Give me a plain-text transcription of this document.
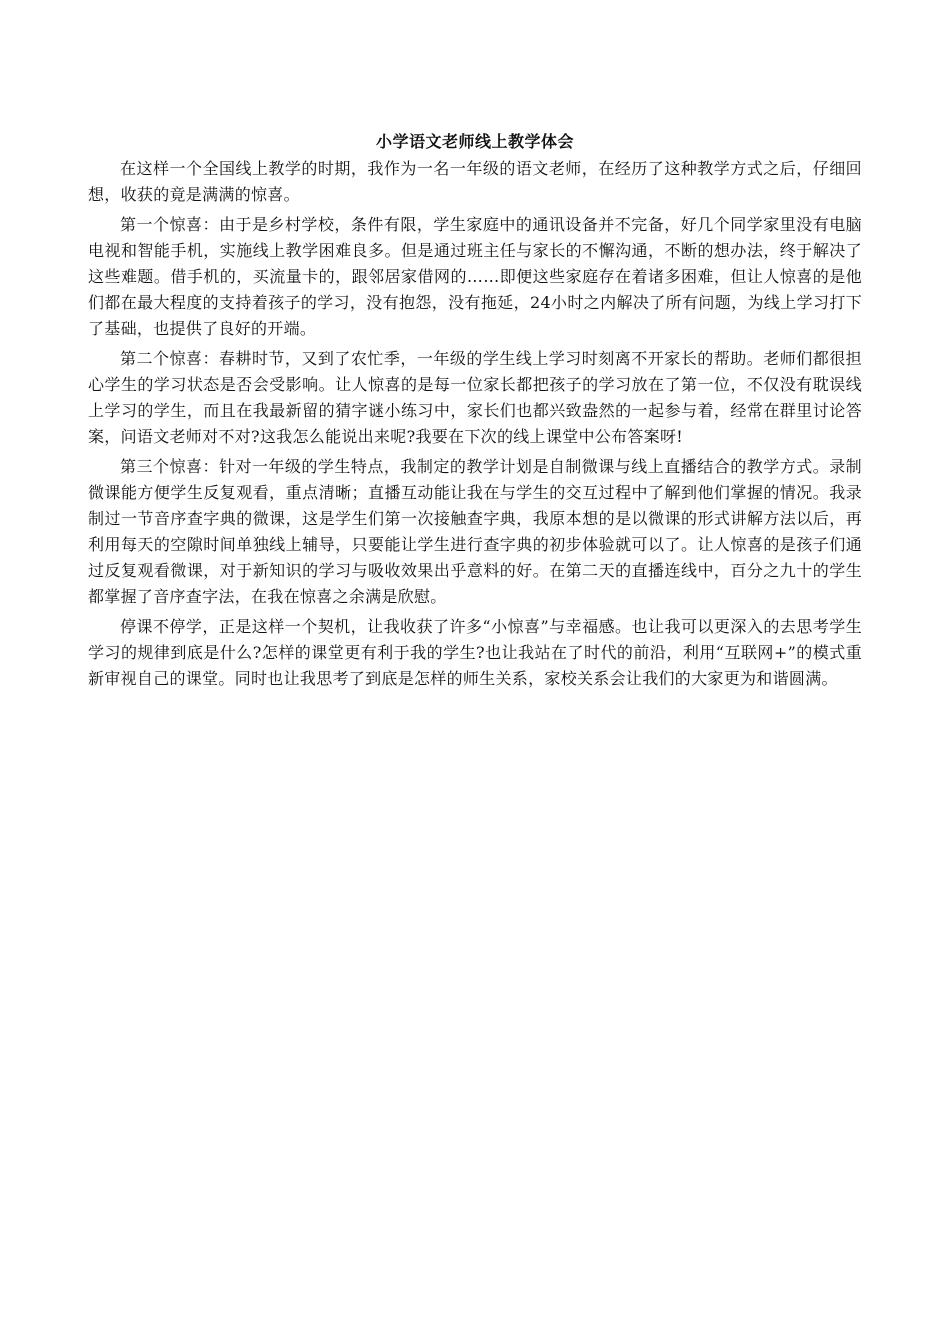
小学语文老师线上教学体会

在这样一个全国线上教学的时期，我作为一名一年级的语文老师，在经历了这种教学方式之后，仔细回想，收获的竟是满满的惊喜。

第一个惊喜：由于是乡村学校，条件有限，学生家庭中的通讯设备并不完备，好几个同学家里没有电脑电视和智能手机，实施线上教学困难良多。但是通过班主任与家长的不懈沟通，不断的想办法，终于解决了这些难题。借手机的，买流量卡的，跟邻居家借网的……即便这些家庭存在着诸多困难，但让人惊喜的是他们都在最大程度的支持着孩子的学习，没有抱怨，没有拖延，24小时之内解决了所有问题，为线上学习打下了基础，也提供了良好的开端。

第二个惊喜：春耕时节，又到了农忙季，一年级的学生线上学习时刻离不开家长的帮助。老师们都很担心学生的学习状态是否会受影响。让人惊喜的是每一位家长都把孩子的学习放在了第一位，不仅没有耽误线上学习的学生，而且在我最新留的猜字谜小练习中，家长们也都兴致盎然的一起参与着，经常在群里讨论答案，问语文老师对不对?这我怎么能说出来呢?我要在下次的线上课堂中公布答案呀!

第三个惊喜：针对一年级的学生特点，我制定的教学计划是自制微课与线上直播结合的教学方式。录制微课能方便学生反复观看，重点清晰；直播互动能让我在与学生的交互过程中了解到他们掌握的情况。我录制过一节音序查字典的微课，这是学生们第一次接触查字典，我原本想的是以微课的形式讲解方法以后，再利用每天的空隙时间单独线上辅导，只要能让学生进行查字典的初步体验就可以了。让人惊喜的是孩子们通过反复观看微课，对于新知识的学习与吸收效果出乎意料的好。在第二天的直播连线中，百分之九十的学生都掌握了音序查字法，在我在惊喜之余满是欣慰。

停课不停学，正是这样一个契机，让我收获了许多“小惊喜”与幸福感。也让我可以更深入的去思考学生学习的规律到底是什么?怎样的课堂更有利于我的学生?也让我站在了时代的前沿，利用“互联网+”的模式重新审视自己的课堂。同时也让我思考了到底是怎样的师生关系，家校关系会让我们的大家更为和谐圆满。
